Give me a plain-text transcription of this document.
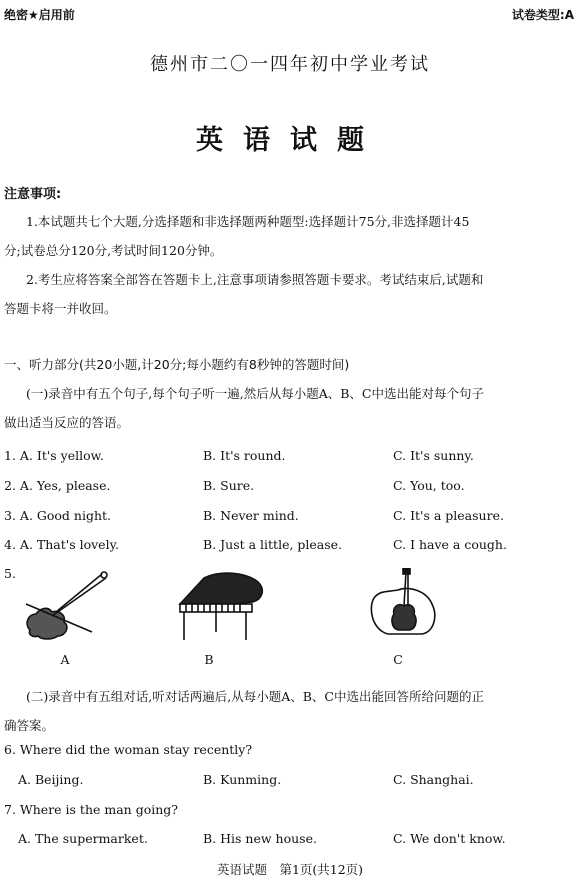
绝密★启用前	试卷类型:A
德州市二〇一四年初中学业考试
英语试题
注意事项:
1.本试题共七个大题,分选择题和非选择题两种题型:选择题计75分,非选择题计45
分;试卷总分120分,考试时间120分钟。
2.考生应将答案全部答在答题卡上,注意事项请参照答题卡要求。考试结束后,试题和
答题卡将一并收回。
一、听力部分(共20小题,计20分;每小题约有8秒钟的答题时间)
(一)录音中有五个句子,每个句子听一遍,然后从每小题A、B、C中选出能对每个句子
做出适当反应的答语。
1. A. It's yellow.	B. It's round.	C. It's sunny.
2. A. Yes, please.	B. Sure.	C. You, too.
3. A. Good night.	B. Never mind.	C. It's a pleasure.
4. A. That's lovely.	B. Just a little, please.	C. I have a cough.
5.
A	B	C
(二)录音中有五组对话,听对话两遍后,从每小题A、B、C中选出能回答所给问题的正
确答案。
6. Where did the woman stay recently?
A. Beijing.	B. Kunming.	C. Shanghai.
7. Where is the man going?
A. The supermarket.	B. His new house.	C. We don't know.
英语试题　第1页(共12页)
